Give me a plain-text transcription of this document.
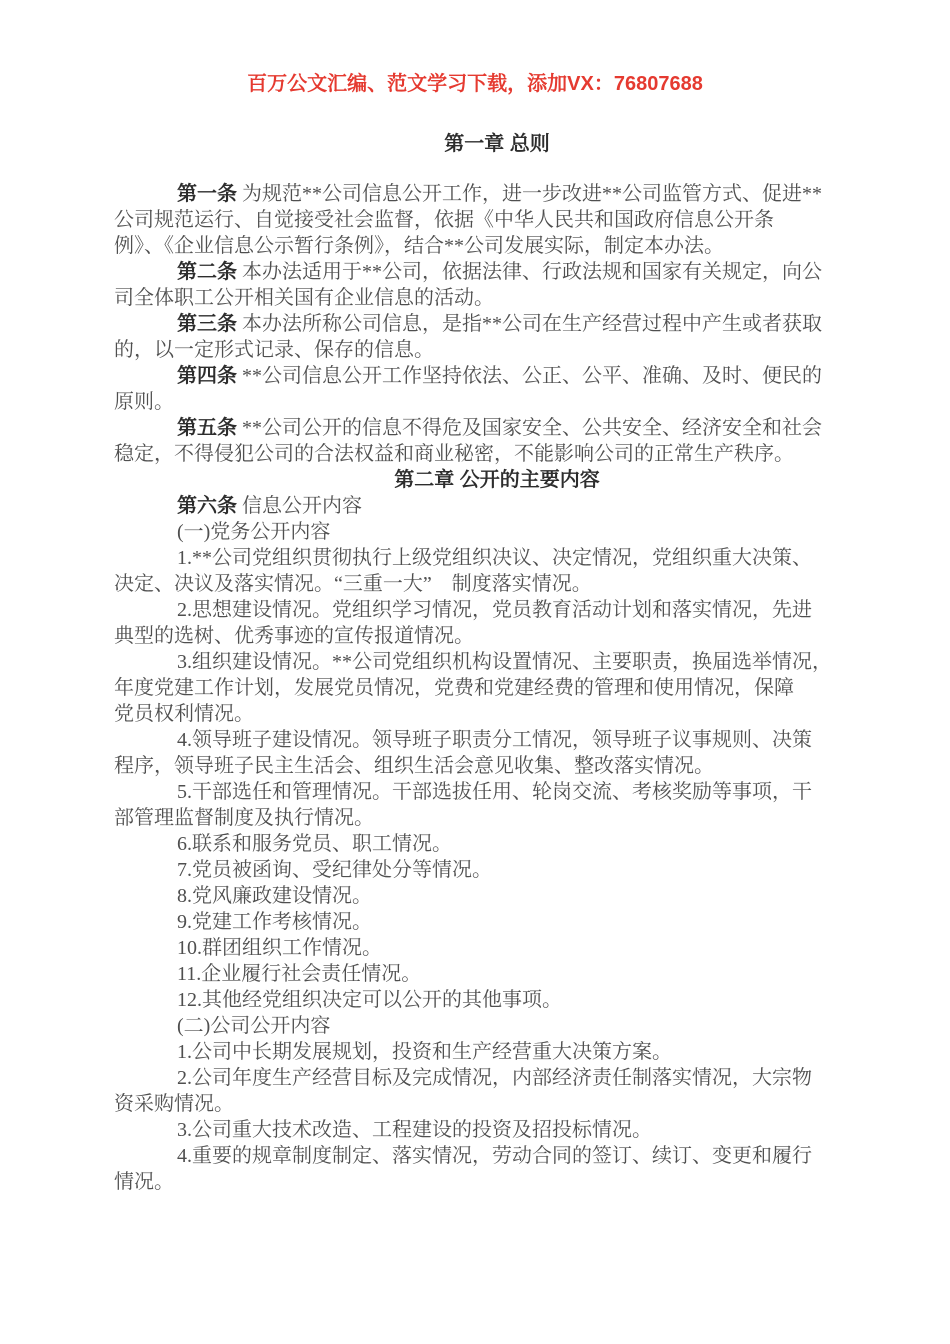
百万公文汇编、范文学习下载，添加VX：76807688
第一章 总则
第一条 为规范**公司信息公开工作，进一步改进**公司监管方式、促进**
公司规范运行、自觉接受社会监督，依据《中华人民共和国政府信息公开条
例》、《企业信息公示暂行条例》，结合**公司发展实际，制定本办法。
第二条 本办法适用于**公司，依据法律、行政法规和国家有关规定，向公
司全体职工公开相关国有企业信息的活动。
第三条 本办法所称公司信息，是指**公司在生产经营过程中产生或者获取
的，以一定形式记录、保存的信息。
第四条 **公司信息公开工作坚持依法、公正、公平、准确、及时、便民的
原则。
第五条 **公司公开的信息不得危及国家安全、公共安全、经济安全和社会
稳定，不得侵犯公司的合法权益和商业秘密，不能影响公司的正常生产秩序。
第二章 公开的主要内容
第六条 信息公开内容
(一)党务公开内容
1.**公司党组织贯彻执行上级党组织决议、决定情况，党组织重大决策、
决定、决议及落实情况。“三重一大”　制度落实情况。
2.思想建设情况。党组织学习情况，党员教育活动计划和落实情况，先进
典型的选树、优秀事迹的宣传报道情况。
3.组织建设情况。**公司党组织机构设置情况、主要职责，换届选举情况，
年度党建工作计划，发展党员情况，党费和党建经费的管理和使用情况，保障
党员权利情况。
4.领导班子建设情况。领导班子职责分工情况，领导班子议事规则、决策
程序，领导班子民主生活会、组织生活会意见收集、整改落实情况。
5.干部选任和管理情况。干部选拔任用、轮岗交流、考核奖励等事项，干
部管理监督制度及执行情况。
6.联系和服务党员、职工情况。
7.党员被函询、受纪律处分等情况。
8.党风廉政建设情况。
9.党建工作考核情况。
10.群团组织工作情况。
11.企业履行社会责任情况。
12.其他经党组织决定可以公开的其他事项。
(二)公司公开内容
1.公司中长期发展规划，投资和生产经营重大决策方案。
2.公司年度生产经营目标及完成情况，内部经济责任制落实情况，大宗物
资采购情况。
3.公司重大技术改造、工程建设的投资及招投标情况。
4.重要的规章制度制定、落实情况，劳动合同的签订、续订、变更和履行
情况。
